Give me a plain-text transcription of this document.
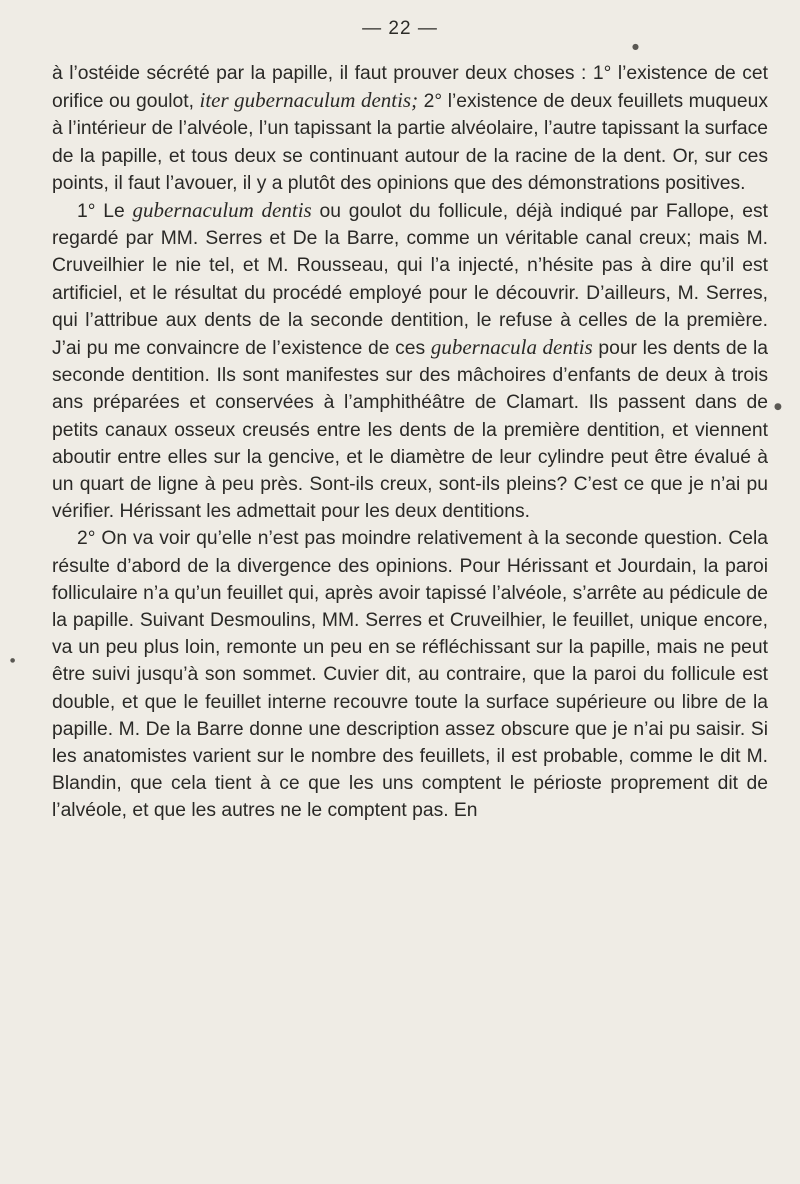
— 22 —

à l’ostéide sécrété par la papille, il faut prouver deux choses : 1° l’existence de cet orifice ou goulot, iter gubernaculum dentis; 2° l’existence de deux feuillets muqueux à l’intérieur de l’alvéole, l’un tapissant la partie alvéolaire, l’autre tapissant la surface de la papille, et tous deux se continuant autour de la racine de la dent. Or, sur ces points, il faut l’avouer, il y a plutôt des opinions que des démonstrations positives.

1° Le gubernaculum dentis ou goulot du follicule, déjà indiqué par Fallope, est regardé par MM. Serres et De la Barre, comme un véritable canal creux; mais M. Cruveilhier le nie tel, et M. Rousseau, qui l’a injecté, n’hésite pas à dire qu’il est artificiel, et le résultat du procédé employé pour le découvrir. D’ailleurs, M. Serres, qui l’attribue aux dents de la seconde dentition, le refuse à celles de la première. J’ai pu me convaincre de l’existence de ces gubernacula dentis pour les dents de la seconde dentition. Ils sont manifestes sur des mâchoires d’enfants de deux à trois ans préparées et conservées à l’amphithéâtre de Clamart. Ils passent dans de petits canaux osseux creusés entre les dents de la première dentition, et viennent aboutir entre elles sur la gencive, et le diamètre de leur cylindre peut être évalué à un quart de ligne à peu près. Sont-ils creux, sont-ils pleins? C’est ce que je n’ai pu vérifier. Hérissant les admettait pour les deux dentitions.

2° On va voir qu’elle n’est pas moindre relativement à la seconde question. Cela résulte d’abord de la divergence des opinions. Pour Hérissant et Jourdain, la paroi folliculaire n’a qu’un feuillet qui, après avoir tapissé l’alvéole, s’arrête au pédicule de la papille. Suivant Desmoulins, MM. Serres et Cruveilhier, le feuillet, unique encore, va un peu plus loin, remonte un peu en se réfléchissant sur la papille, mais ne peut être suivi jusqu’à son sommet. Cuvier dit, au contraire, que la paroi du follicule est double, et que le feuillet interne recouvre toute la surface supérieure ou libre de la papille. M. De la Barre donne une description assez obscure que je n’ai pu saisir. Si les anatomistes varient sur le nombre des feuillets, il est probable, comme le dit M. Blandin, que cela tient à ce que les uns comptent le périoste proprement dit de l’alvéole, et que les autres ne le comptent pas. En

●
●
●
